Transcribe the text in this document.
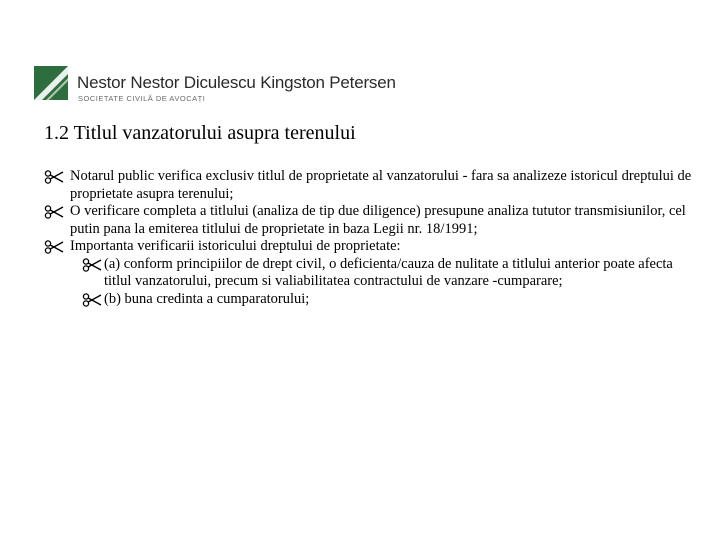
Nestor Nestor Diculescu Kingston Petersen
SOCIETATE CIVILĂ DE AVOCAȚI
1.2 Titlul vanzatorului asupra terenului
Notarul public verifica exclusiv titlul de proprietate al vanzatorului - fara sa analizeze istoricul dreptului de proprietate asupra terenului;
O verificare completa a titlului (analiza de tip due diligence) presupune analiza tututor transmisiunilor, cel putin pana la emiterea titlului de proprietate in baza Legii nr. 18/1991;
Importanta verificarii istoricului dreptului de proprietate:
(a) conform principiilor de drept civil, o deficienta/cauza de nulitate a titlului anterior poate afecta titlul vanzatorului, precum si valiabilitatea contractului de vanzare -cumparare;
(b) buna credinta a cumparatorului;
